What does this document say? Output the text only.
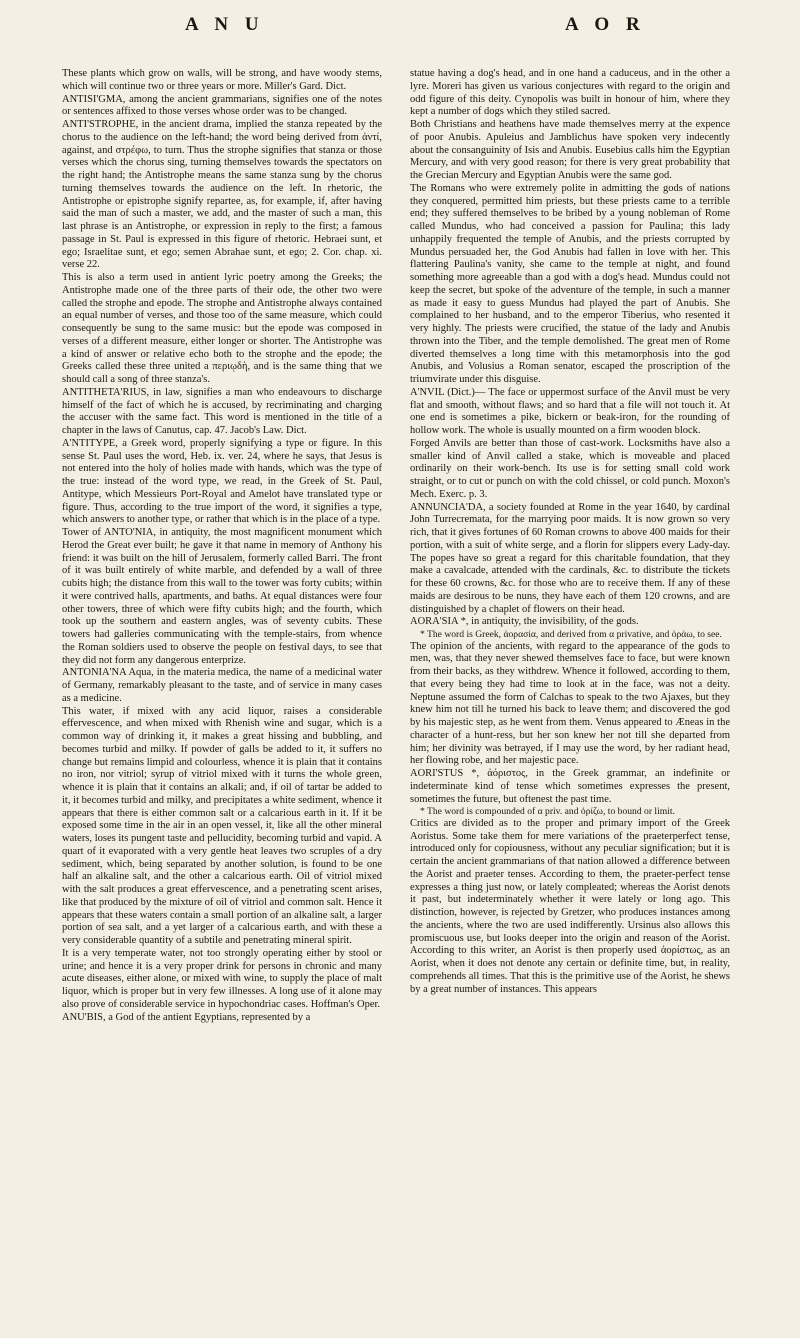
A N U	A O R

These plants which grow on walls, will be strong, and have woody stems, which will continue two or three years or more. Miller's Gard. Dict.

ANTISI'GMA, among the ancient grammarians, signifies one of the notes or sentences affixed to those verses whose order was to be changed.

ANTI'STROPHE, in the ancient drama, implied the stanza repeated by the chorus to the audience on the left-hand; the word being derived from ἀντί, against, and στρέφω, to turn. Thus the strophe signifies that stanza or those verses which the chorus sing, turning themselves towards the spectators on the right hand; the Antistrophe means the same stanza sung by the chorus turning themselves towards the audience on the left. In rhetoric, the Antistrophe or epistrophe signify repartee, as, for example, if, after having said the man of such a master, we add, and the master of such a man, this last phrase is an Antistrophe, or expression in reply to the first; a famous passage in St. Paul is expressed in this figure of rhetoric. Hebraei sunt, et ego; Israelitae sunt, et ego; semen Abrahae sunt, et ego; 2. Cor. chap. xi. verse 22.

This is also a term used in antient lyric poetry among the Greeks; the Antistrophe made one of the three parts of their ode, the other two were called the strophe and epode. The strophe and Antistrophe always contained an equal number of verses, and those too of the same measure, which could consequently be sung to the same music: but the epode was composed in verses of a different measure, either longer or shorter. The Antistrophe was a kind of answer or relative echo both to the strophe and the epode; the Greeks called these three united a περιῳδὴ, and is the same thing that we should call a song of three stanza's.

ANTITHETA'RIUS, in law, signifies a man who endeavours to discharge himself of the fact of which he is accused, by recriminating and charging the accuser with the same fact. This word is mentioned in the title of a chapter in the laws of Canutus, cap. 47. Jacob's Law. Dict.

A'NTITYPE, a Greek word, properly signifying a type or figure. In this sense St. Paul uses the word, Heb. ix. ver. 24, where he says, that Jesus is not entered into the holy of holies made with hands, which was the type of the true: instead of the word type, we read, in the Greek of St. Paul, Antitype, which Messieurs Port-Royal and Amelot have translated type or figure. Thus, according to the true import of the word, it signifies a type, which answers to another type, or rather that which is in the place of a type.

Tower of ANTO'NIA, in antiquity, the most magnificent monument which Herod the Great ever built; he gave it that name in memory of Anthony his friend: it was built on the hill of Jerusalem, formerly called Barri. The front of it was built entirely of white marble, and defended by a wall of three cubits high; the distance from this wall to the tower was forty cubits; within it were contrived halls, apartments, and baths. At equal distances were four other towers, three of which were fifty cubits high; and the fourth, which took up the southern and eastern angles, was of seventy cubits. These towers had galleries communicating with the temple-stairs, from whence the Roman soldiers used to observe the people on festival days, to see that they did not form any dangerous enterprize.

ANTONIA'NA Aqua, in the materia medica, the name of a medicinal water of Germany, remarkably pleasant to the taste, and of service in many cases as a medicine.

This water, if mixed with any acid liquor, raises a considerable effervescence, and when mixed with Rhenish wine and sugar, which is a common way of drinking it, it makes a great hissing and bubbling, and becomes turbid and milky. If powder of galls be added to it, it suffers no change but remains limpid and colourless, whence it is plain that it contains no iron, nor vitriol; syrup of vitriol mixed with it turns the whole green, whence it is plain that it contains an alkali; and, if oil of tartar be added to it, it becomes turbid and milky, and precipitates a white sediment, whence it appears that there is either common salt or a calcarious earth in it. If it be exposed some time in the air in an open vessel, it, like all the other mineral waters, loses its pungent taste and pellucidity, becoming turbid and vapid. A quart of it evaporated with a very gentle heat leaves two scruples of a dry sediment, which, being separated by another solution, is found to be one half an alkaline salt, and the other a calcarious earth. Oil of vitriol mixed with the salt produces a great effervescence, and a penetrating scent arises, like that produced by the mixture of oil of vitriol and common salt. Hence it appears that these waters contain a small portion of an alkaline salt, a larger portion of sea salt, and a yet larger of a calcarious earth, and with these a very considerable quantity of a subtile and penetrating mineral spirit.

It is a very temperate water, not too strongly operating either by stool or urine; and hence it is a very proper drink for persons in chronic and many acute diseases, either alone, or mixed with wine, to supply the place of malt liquor, which is proper but in very few illnesses. A long use of it alone may also prove of considerable service in hypochondriac cases. Hoffman's Oper.

ANU'BIS, a God of the antient Egyptians, represented by a

statue having a dog's head, and in one hand a caduceus, and in the other a lyre. Moreri has given us various conjectures with regard to the origin and odd figure of this deity. Cynopolis was built in honour of him, where they kept a number of dogs which they stiled sacred.

Both Christians and heathens have made themselves merry at the expence of poor Anubis. Apuleius and Jamblichus have spoken very indecently about the consanguinity of Isis and Anubis. Eusebius calls him the Egyptian Mercury, and with very good reason; for there is very great probability that the Grecian Mercury and Egyptian Anubis were the same god.

The Romans who were extremely polite in admitting the gods of nations they conquered, permitted him priests, but these priests came to a terrible end; they suffered themselves to be bribed by a young nobleman of Rome called Mundus, who had conceived a passion for Paulina; this lady unhappily frequented the temple of Anubis, and the priests corrupted by Mundus persuaded her, the God Anubis had fallen in love with her. This flattering Paulina's vanity, she came to the temple at night, and found something more agreeable than a god with a dog's head. Mundus could not keep the secret, but spoke of the adventure of the temple, in such a manner as made it easy to guess Mundus had played the part of Anubis. She complained to her husband, and to the emperor Tiberius, who resented it very highly. The priests were crucified, the statue of the lady and Anubis thrown into the Tiber, and the temple demolished. The great men of Rome diverted themselves a long time with this metamorphosis into the god Anubis, and Volusius a Roman senator, escaped the proscription of the triumvirate under this disguise.

A'NVIL (Dict.)— The face or uppermost surface of the Anvil must be very flat and smooth, without flaws; and so hard that a file will not touch it. At one end is sometimes a pike, bickern or beak-iron, for the rounding of hollow work. The whole is usually mounted on a firm wooden block.

Forged Anvils are better than those of cast-work. Locksmiths have also a smaller kind of Anvil called a stake, which is moveable and placed ordinarily on their work-bench. Its use is for setting small cold work straight, or to cut or punch on with the cold chissel, or cold punch. Moxon's Mech. Exerc. p. 3.

ANNUNCIA'DA, a society founded at Rome in the year 1640, by cardinal John Turrecremata, for the marrying poor maids. It is now grown so very rich, that it gives fortunes of 60 Roman crowns to above 400 maids for their portion, with a suit of white serge, and a florin for slippers every Lady-day. The popes have so great a regard for this charitable foundation, that they make a cavalcade, attended with the cardinals, &c. to distribute the tickets for these 60 crowns, &c. for those who are to receive them. If any of these maids are desirous to be nuns, they have each of them 120 crowns, and are distinguished by a chaplet of flowers on their head.

AORA'SIA *, in antiquity, the invisibility, of the gods.

* The word is Greek, ἀορασία, and derived from α privative, and ὁράω, to see.

The opinion of the ancients, with regard to the appearance of the gods to men, was, that they never shewed themselves face to face, but were known from their backs, as they withdrew. Whence it followed, according to them, that every being they had time to look at in the face, was not a deity. Neptune assumed the form of Calchas to speak to the two Ajaxes, but they knew him not till he turned his back to leave them; and discovered the god by his majestic step, as he went from them. Venus appeared to Æneas in the character of a hunt-ress, but her son knew her not till she departed from him; her divinity was betrayed, if I may use the word, by her radiant head, her flowing robe, and her majestic pace.

AORI'STUS *, ἀόριστος, in the Greek grammar, an indefinite or indeterminate kind of tense which sometimes expresses the present, sometimes the future, but oftenest the past time.

* The word is compounded of α priv. and ὁρίζω, to bound or limit.

Critics are divided as to the proper and primary import of the Greek Aoristus. Some take them for mere variations of the praeterperfect tense, introduced only for copiousness, without any peculiar signification; but it is certain the ancient grammarians of that nation allowed a difference between the Aorist and praeter tenses. According to them, the praeter-perfect tense expresses a thing just now, or lately compleated; whereas the Aorist denots it past, but indeterminately whether it were lately or long ago. This distinction, however, is rejected by Gretzer, who produces instances among the ancients, where the two are used indifferently. Ursinus also allows this promiscuous use, but looks deeper into the origin and reason of the Aorist. According to this writer, an Aorist is then properly used ἀορίστως, as an Aorist, when it does not denote any certain or definite time, but, in reality, comprehends all times. That this is the primitive use of the Aorist, he shews by a great number of instances. This appears
